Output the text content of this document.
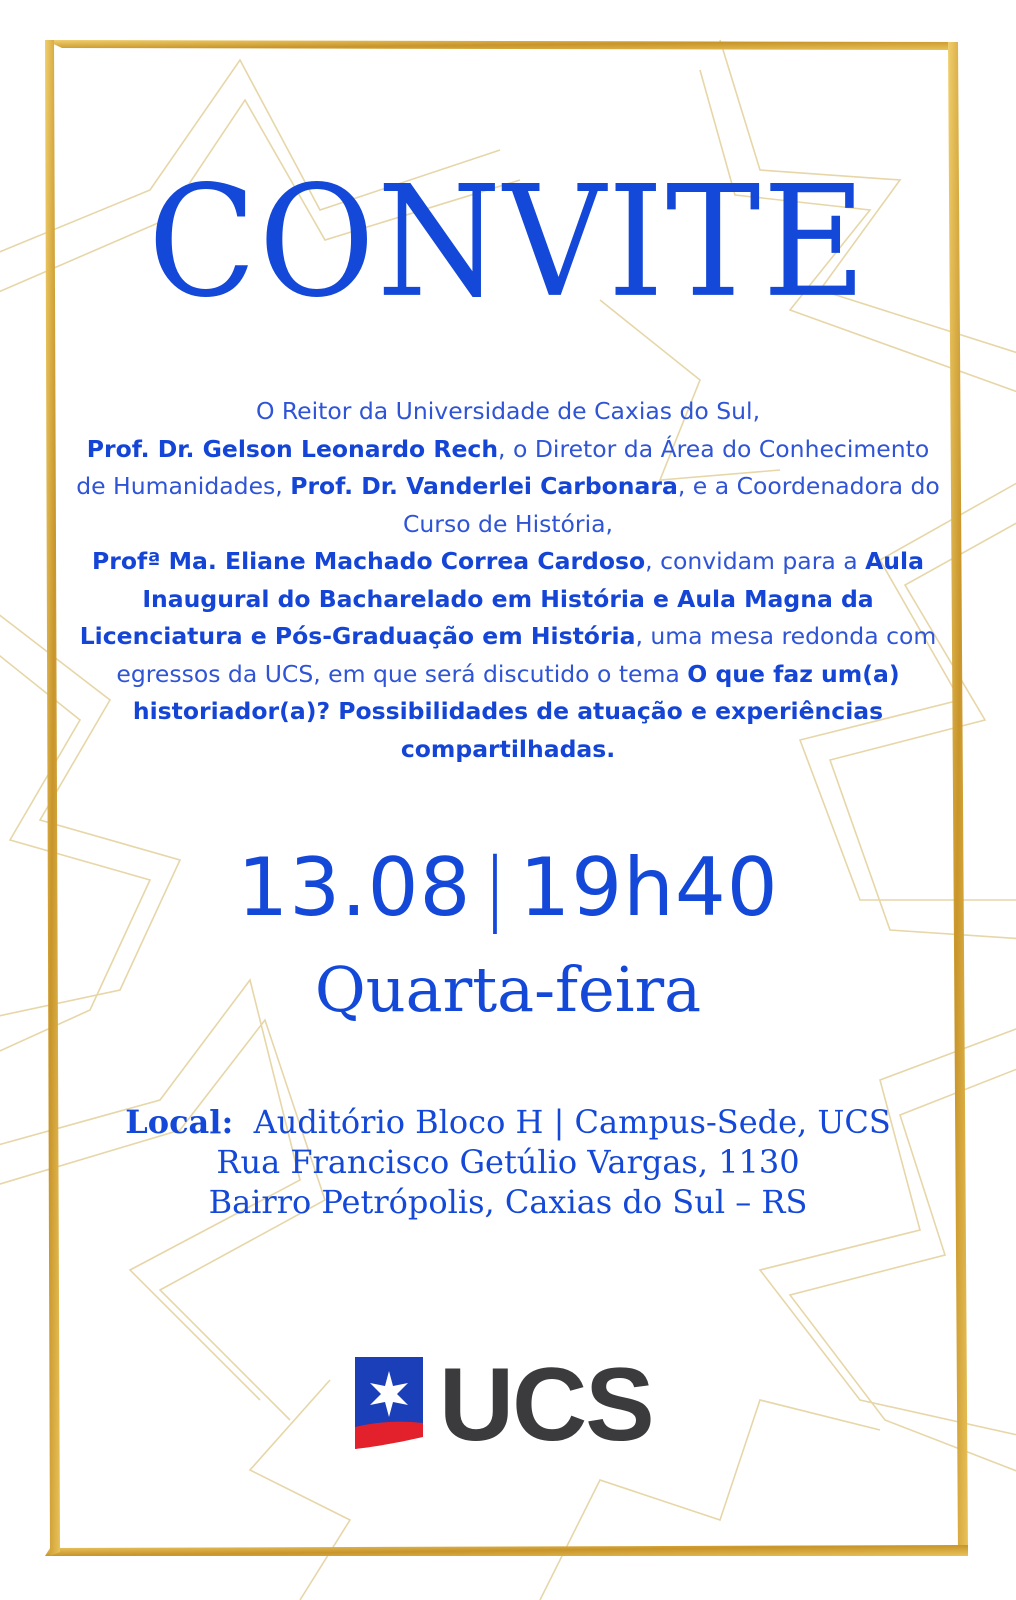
CONVITE
O Reitor da Universidade de Caxias do Sul,
Prof. Dr. Gelson Leonardo Rech, o Diretor da Área do Conhecimento de Humanidades, Prof. Dr. Vanderlei Carbonara, e a Coordenadora do Curso de História,
Profª Ma. Eliane Machado Correa Cardoso, convidam para a Aula Inaugural do Bacharelado em História e Aula Magna da Licenciatura e Pós-Graduação em História, uma mesa redonda com egressos da UCS, em que será discutido o tema O que faz um(a) historiador(a)? Possibilidades de atuação e experiências compartilhadas.
13.08 | 19h40
Quarta-feira
Local: Auditório Bloco H | Campus-Sede, UCS
Rua Francisco Getúlio Vargas, 1130
Bairro Petrópolis, Caxias do Sul – RS
UCS
